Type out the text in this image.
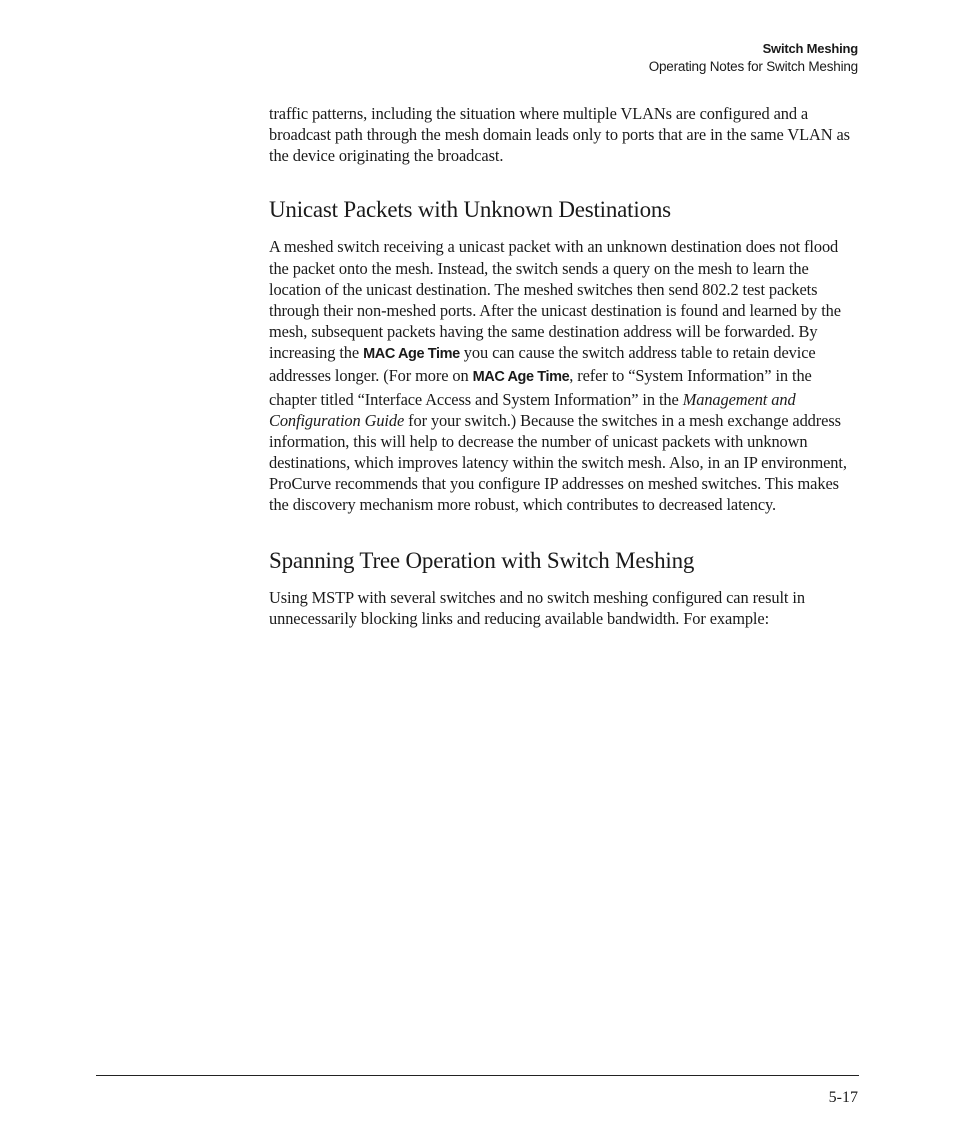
Switch Meshing
Operating Notes for Switch Meshing

traffic patterns, including the situation where multiple VLANs are configured and a broadcast path through the mesh domain leads only to ports that are in the same VLAN as the device originating the broadcast.

Unicast Packets with Unknown Destinations

A meshed switch receiving a unicast packet with an unknown destination does not flood the packet onto the mesh. Instead, the switch sends a query on the mesh to learn the location of the unicast destination. The meshed switches then send 802.2 test packets through their non-meshed ports. After the unicast destination is found and learned by the mesh, subsequent packets having the same destination address will be forwarded. By increasing the MAC Age Time you can cause the switch address table to retain device addresses longer. (For more on MAC Age Time, refer to “System Information” in the chapter titled “Interface Access and System Information” in the Management and Configuration Guide for your switch.) Because the switches in a mesh exchange address information, this will help to decrease the number of unicast packets with unknown destinations, which improves latency within the switch mesh. Also, in an IP environment, ProCurve recommends that you configure IP addresses on meshed switches. This makes the discovery mechanism more robust, which contributes to decreased latency.

Spanning Tree Operation with Switch Meshing

Using MSTP with several switches and no switch meshing configured can result in unnecessarily blocking links and reducing available bandwidth. For example:

5-17
